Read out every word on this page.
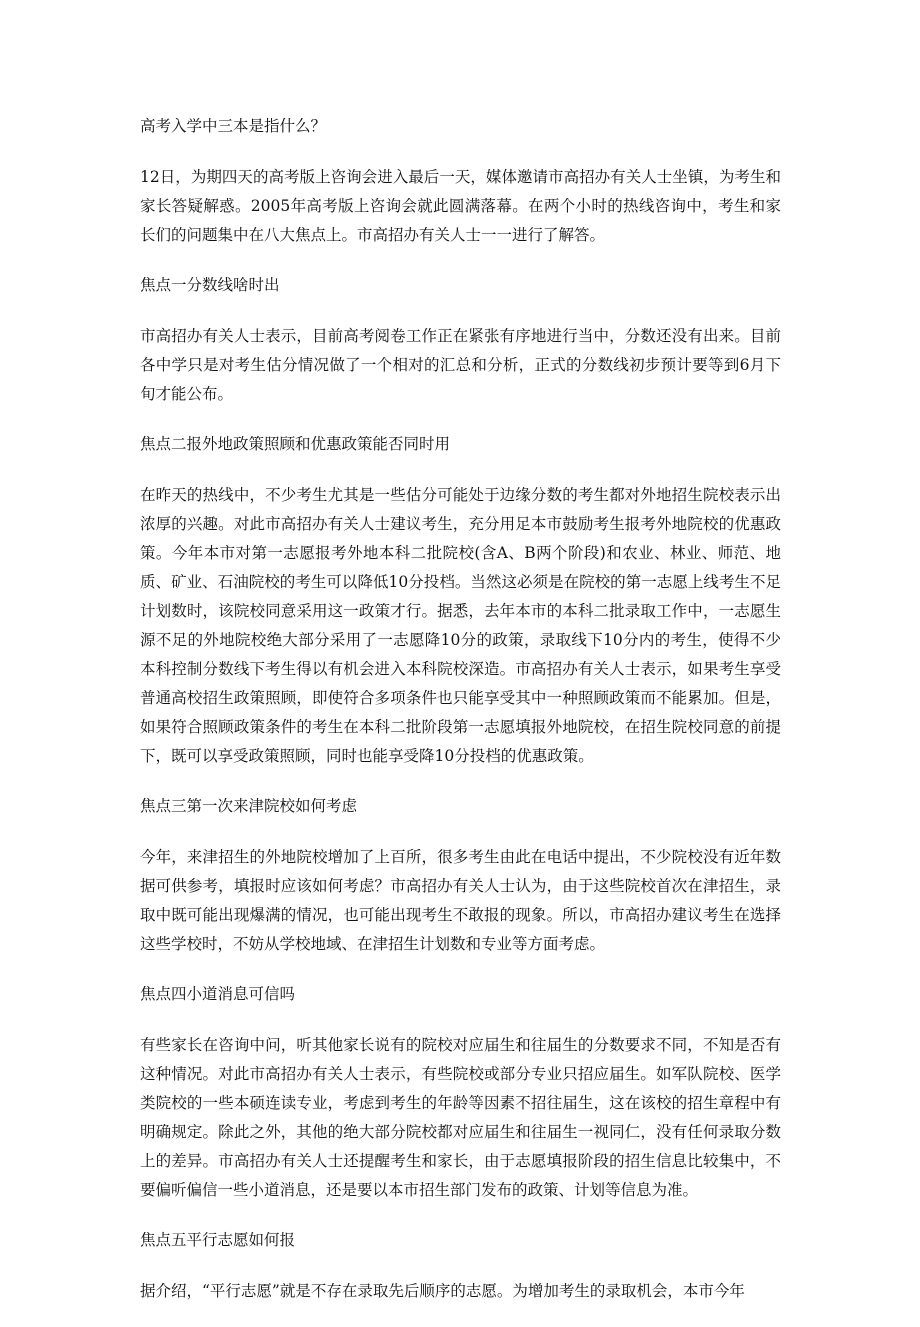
高考入学中三本是指什么？

12日，为期四天的高考版上咨询会进入最后一天，媒体邀请市高招办有关人士坐镇，为考生和家长答疑解惑。2005年高考版上咨询会就此圆满落幕。在两个小时的热线咨询中，考生和家长们的问题集中在八大焦点上。市高招办有关人士一一进行了解答。

焦点一分数线啥时出

市高招办有关人士表示，目前高考阅卷工作正在紧张有序地进行当中，分数还没有出来。目前各中学只是对考生估分情况做了一个相对的汇总和分析，正式的分数线初步预计要等到6月下旬才能公布。

焦点二报外地政策照顾和优惠政策能否同时用

在昨天的热线中，不少考生尤其是一些估分可能处于边缘分数的考生都对外地招生院校表示出浓厚的兴趣。对此市高招办有关人士建议考生，充分用足本市鼓励考生报考外地院校的优惠政策。今年本市对第一志愿报考外地本科二批院校(含A、B两个阶段)和农业、林业、师范、地质、矿业、石油院校的考生可以降低10分投档。当然这必须是在院校的第一志愿上线考生不足计划数时，该院校同意采用这一政策才行。据悉，去年本市的本科二批录取工作中，一志愿生源不足的外地院校绝大部分采用了一志愿降10分的政策，录取线下10分内的考生，使得不少本科控制分数线下考生得以有机会进入本科院校深造。市高招办有关人士表示，如果考生享受普通高校招生政策照顾，即使符合多项条件也只能享受其中一种照顾政策而不能累加。但是，如果符合照顾政策条件的考生在本科二批阶段第一志愿填报外地院校，在招生院校同意的前提下，既可以享受政策照顾，同时也能享受降10分投档的优惠政策。

焦点三第一次来津院校如何考虑

今年，来津招生的外地院校增加了上百所，很多考生由此在电话中提出，不少院校没有近年数据可供参考，填报时应该如何考虑？市高招办有关人士认为，由于这些院校首次在津招生，录取中既可能出现爆满的情况，也可能出现考生不敢报的现象。所以，市高招办建议考生在选择这些学校时，不妨从学校地域、在津招生计划数和专业等方面考虑。

焦点四小道消息可信吗

有些家长在咨询中问，听其他家长说有的院校对应届生和往届生的分数要求不同，不知是否有这种情况。对此市高招办有关人士表示，有些院校或部分专业只招应届生。如军队院校、医学类院校的一些本硕连读专业，考虑到考生的年龄等因素不招往届生，这在该校的招生章程中有明确规定。除此之外，其他的绝大部分院校都对应届生和往届生一视同仁，没有任何录取分数上的差异。市高招办有关人士还提醒考生和家长，由于志愿填报阶段的招生信息比较集中，不要偏听偏信一些小道消息，还是要以本市招生部门发布的政策、计划等信息为准。

焦点五平行志愿如何报

据介绍，“平行志愿”就是不存在录取先后顺序的志愿。为增加考生的录取机会，本市今年
